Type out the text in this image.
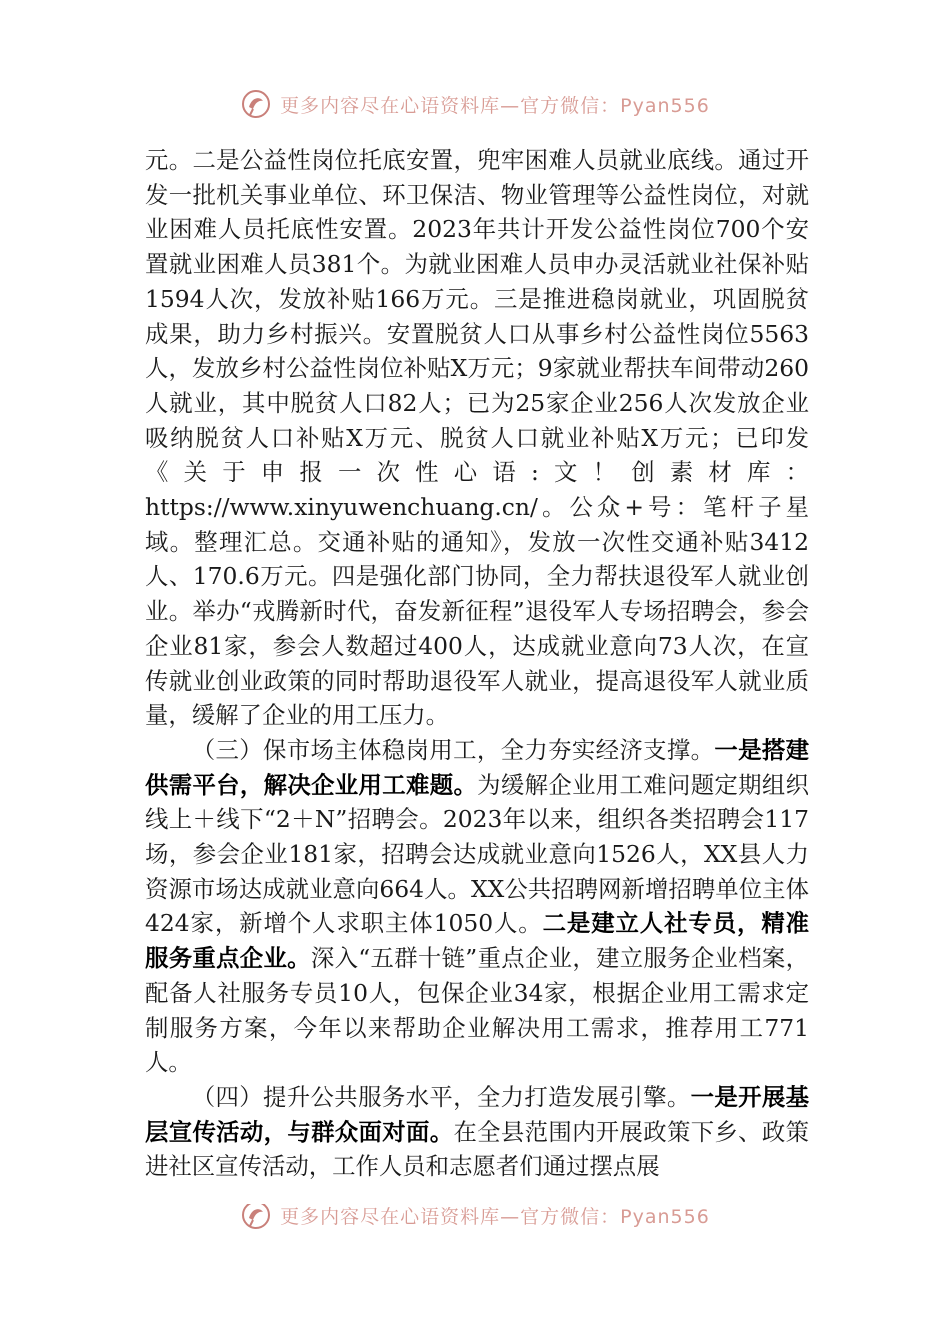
更多内容尽在心语资料库—官方微信：Pyan556

元。二是公益性岗位托底安置，兜牢困难人员就业底线。通过开发一批机关事业单位、环卫保洁、物业管理等公益性岗位，对就业困难人员托底性安置。2023年共计开发公益性岗位700个安置就业困难人员381个。为就业困难人员申办灵活就业社保补贴1594人次，发放补贴166万元。三是推进稳岗就业，巩固脱贫成果，助力乡村振兴。安置脱贫人口从事乡村公益性岗位5563人，发放乡村公益性岗位补贴X万元；9家就业帮扶车间带动260人就业，其中脱贫人口82人；已为25家企业256人次发放企业吸纳脱贫人口补贴X万元、脱贫人口就业补贴X万元；已印发《关于申报一次性心语:文！创素材库：https://www.xinyuwenchuang.cn/。公众+号：笔杆子星域。整理汇总。交通补贴的通知》，发放一次性交通补贴3412人、170.6万元。四是强化部门协同，全力帮扶退役军人就业创业。举办“戎腾新时代，奋发新征程”退役军人专场招聘会，参会企业81家，参会人数超过400人，达成就业意向73人次，在宣传就业创业政策的同时帮助退役军人就业，提高退役军人就业质量，缓解了企业的用工压力。

（三）保市场主体稳岗用工，全力夯实经济支撑。一是搭建供需平台，解决企业用工难题。为缓解企业用工难问题定期组织线上＋线下“2＋N”招聘会。2023年以来，组织各类招聘会117场，参会企业181家，招聘会达成就业意向1526人，XX县人力资源市场达成就业意向664人。XX公共招聘网新增招聘单位主体424家，新增个人求职主体1050人。二是建立人社专员，精准服务重点企业。深入“五群十链”重点企业，建立服务企业档案，配备人社服务专员10人，包保企业34家，根据企业用工需求定制服务方案，今年以来帮助企业解决用工需求，推荐用工771人。

（四）提升公共服务水平，全力打造发展引擎。一是开展基层宣传活动，与群众面对面。在全县范围内开展政策下乡、政策进社区宣传活动，工作人员和志愿者们通过摆点展

更多内容尽在心语资料库—官方微信：Pyan556
